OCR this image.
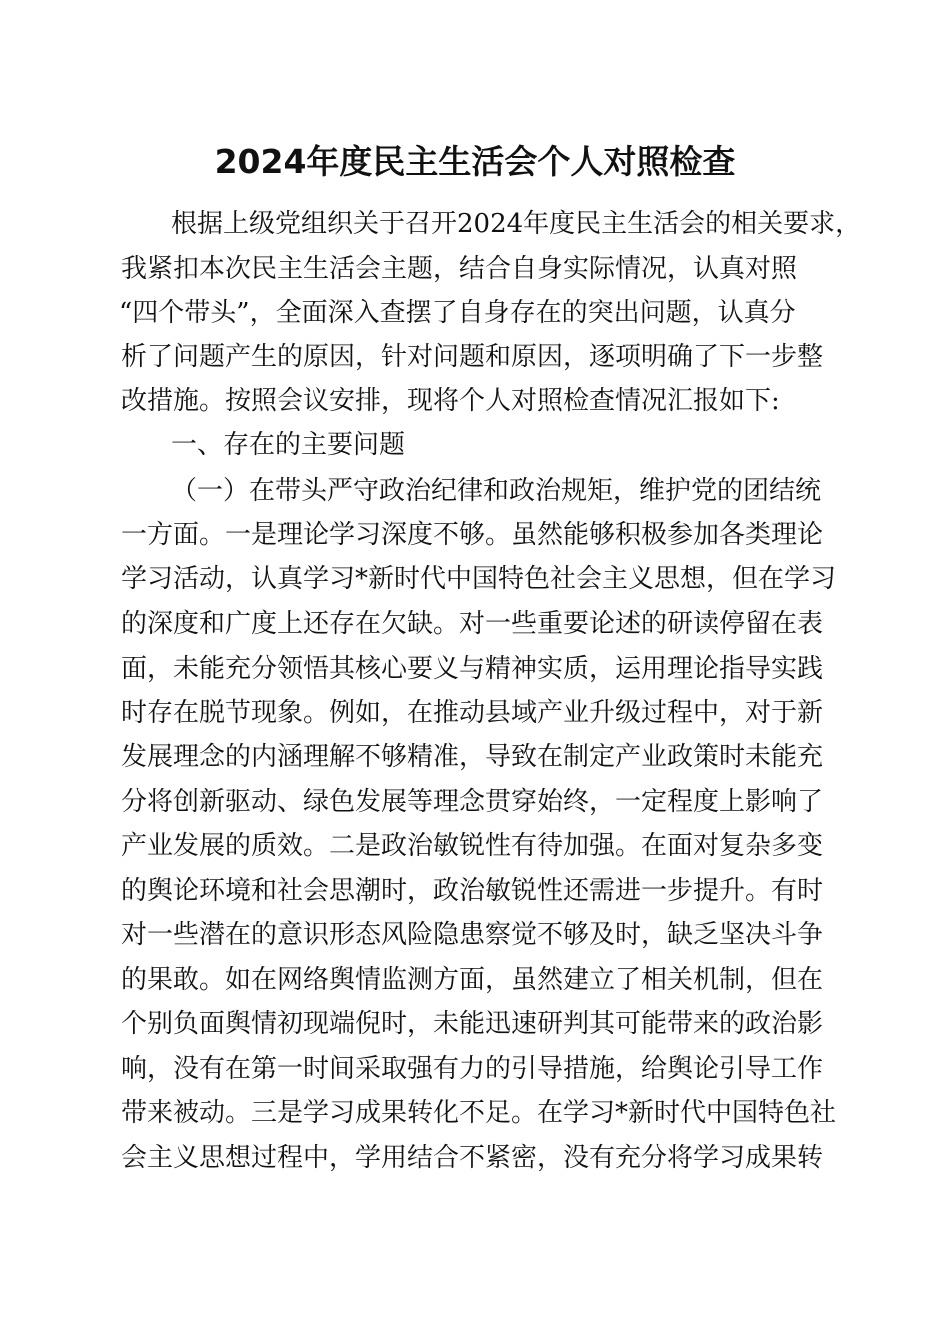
2024年度民主生活会个人对照检查
根据上级党组织关于召开2024年度民主生活会的相关要求，
我紧扣本次民主生活会主题，结合自身实际情况，认真对照
“四个带头”，全面深入查摆了自身存在的突出问题，认真分
析了问题产生的原因，针对问题和原因，逐项明确了下一步整
改措施。按照会议安排，现将个人对照检查情况汇报如下:
一、存在的主要问题
（一）在带头严守政治纪律和政治规矩，维护党的团结统
一方面。一是理论学习深度不够。虽然能够积极参加各类理论
学习活动，认真学习*新时代中国特色社会主义思想，但在学习
的深度和广度上还存在欠缺。对一些重要论述的研读停留在表
面，未能充分领悟其核心要义与精神实质，运用理论指导实践
时存在脱节现象。例如，在推动县域产业升级过程中，对于新
发展理念的内涵理解不够精准，导致在制定产业政策时未能充
分将创新驱动、绿色发展等理念贯穿始终，一定程度上影响了
产业发展的质效。二是政治敏锐性有待加强。在面对复杂多变
的舆论环境和社会思潮时，政治敏锐性还需进一步提升。有时
对一些潜在的意识形态风险隐患察觉不够及时，缺乏坚决斗争
的果敢。如在网络舆情监测方面，虽然建立了相关机制，但在
个别负面舆情初现端倪时，未能迅速研判其可能带来的政治影
响，没有在第一时间采取强有力的引导措施，给舆论引导工作
带来被动。三是学习成果转化不足。在学习*新时代中国特色社
会主义思想过程中，学用结合不紧密，没有充分将学习成果转
